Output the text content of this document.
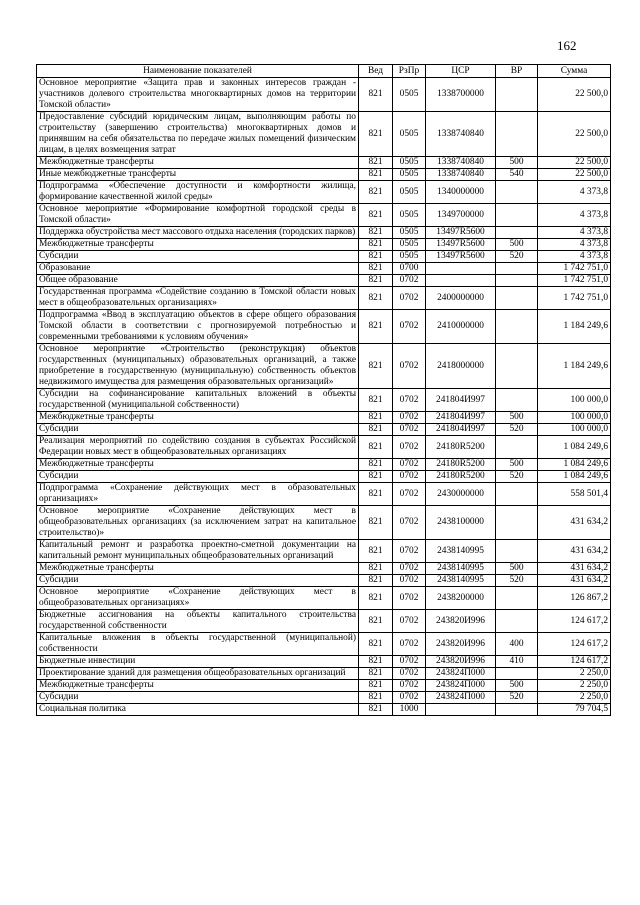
162
Наименование показателей	Вед	РзПр	ЦСР	ВР	Сумма
Основное мероприятие «Защита прав и законных интересов граждан - участников долевого строительства многоквартирных домов на территории Томской области»	821	0505	1338700000		22 500,0
Предоставление субсидий юридическим лицам, выполняющим работы по строительству (завершению строительства) многоквартирных домов и принявшим на себя обязательства по передаче жилых помещений физическим лицам, в целях возмещения затрат	821	0505	1338740840		22 500,0
Межбюджетные трансферты	821	0505	1338740840	500	22 500,0
Иные межбюджетные трансферты	821	0505	1338740840	540	22 500,0
Подпрограмма «Обеспечение доступности и комфортности жилища, формирование качественной жилой среды»	821	0505	1340000000		4 373,8
Основное мероприятие «Формирование комфортной городской среды в Томской области»	821	0505	1349700000		4 373,8
Поддержка обустройства мест массового отдыха населения (городских парков)	821	0505	13497R5600		4 373,8
Межбюджетные трансферты	821	0505	13497R5600	500	4 373,8
Субсидии	821	0505	13497R5600	520	4 373,8
Образование	821	0700			1 742 751,0
Общее образование	821	0702			1 742 751,0
Государственная программа «Содействие созданию в Томской области новых мест в общеобразовательных организациях»	821	0702	2400000000		1 742 751,0
Подпрограмма «Ввод в эксплуатацию объектов в сфере общего образования Томской области в соответствии с прогнозируемой потребностью и современными требованиями к условиям обучения»	821	0702	2410000000		1 184 249,6
Основное мероприятие «Строительство (реконструкция) объектов государственных (муниципальных) образовательных организаций, а также приобретение в государственную (муниципальную) собственность объектов недвижимого имущества для размещения образовательных организаций»	821	0702	2418000000		1 184 249,6
Субсидии на софинансирование капитальных вложений в объекты государственной (муниципальной собственности)	821	0702	241804И997		100 000,0
Межбюджетные трансферты	821	0702	241804И997	500	100 000,0
Субсидии	821	0702	241804И997	520	100 000,0
Реализация мероприятий по содействию создания в субъектах Российской Федерации новых мест в общеобразовательных организациях	821	0702	24180R5200		1 084 249,6
Межбюджетные трансферты	821	0702	24180R5200	500	1 084 249,6
Субсидии	821	0702	24180R5200	520	1 084 249,6
Подпрограмма «Сохранение действующих мест в образовательных организациях»	821	0702	2430000000		558 501,4
Основное мероприятие «Сохранение действующих мест в общеобразовательных организациях (за исключением затрат на капитальное строительство)»	821	0702	2438100000		431 634,2
Капитальный ремонт и разработка проектно-сметной документации на капитальный ремонт муниципальных общеобразовательных организаций	821	0702	2438140995		431 634,2
Межбюджетные трансферты	821	0702	2438140995	500	431 634,2
Субсидии	821	0702	2438140995	520	431 634,2
Основное мероприятие «Сохранение действующих мест в общеобразовательных организациях»	821	0702	2438200000		126 867,2
Бюджетные ассигнования на объекты капитального строительства государственной собственности	821	0702	243820И996		124 617,2
Капитальные вложения в объекты государственной (муниципальной) собственности	821	0702	243820И996	400	124 617,2
Бюджетные инвестиции	821	0702	243820И996	410	124 617,2
Проектирование зданий для размещения общеобразовательных организаций	821	0702	243824П000		2 250,0
Межбюджетные трансферты	821	0702	243824П000	500	2 250,0
Субсидии	821	0702	243824П000	520	2 250,0
Социальная политика	821	1000			79 704,5
